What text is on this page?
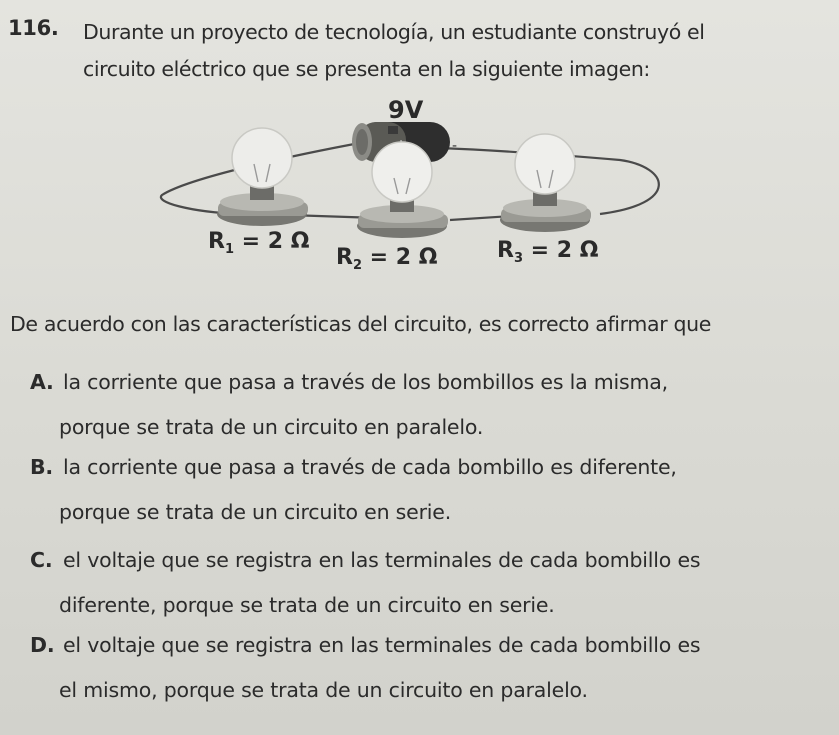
116. Durante un proyecto de tecnología, un estudiante construyó el
circuito eléctrico que se presenta en la siguiente imagen:
-
9V
$R_1 = 2$ Ω
$R_2 = 2$ Ω	$R_3 = 2$ Ω
De acuerdo con las características del circuito, es correcto afirmar que
A. la corriente que pasa a través de los bombillos es la misma,
porque se trata de un circuito en paralelo.
B. la corriente que pasa a través de cada bombillo es diferente,
porque se trata de un circuito en serie.
C. el voltaje que se registra en las terminales de cada bombillo es
diferente, porque se trata de un circuito en serie.
D. el voltaje que se registra en las terminales de cada bombillo es
el mismo, porque se trata de un circuito en paralelo.
